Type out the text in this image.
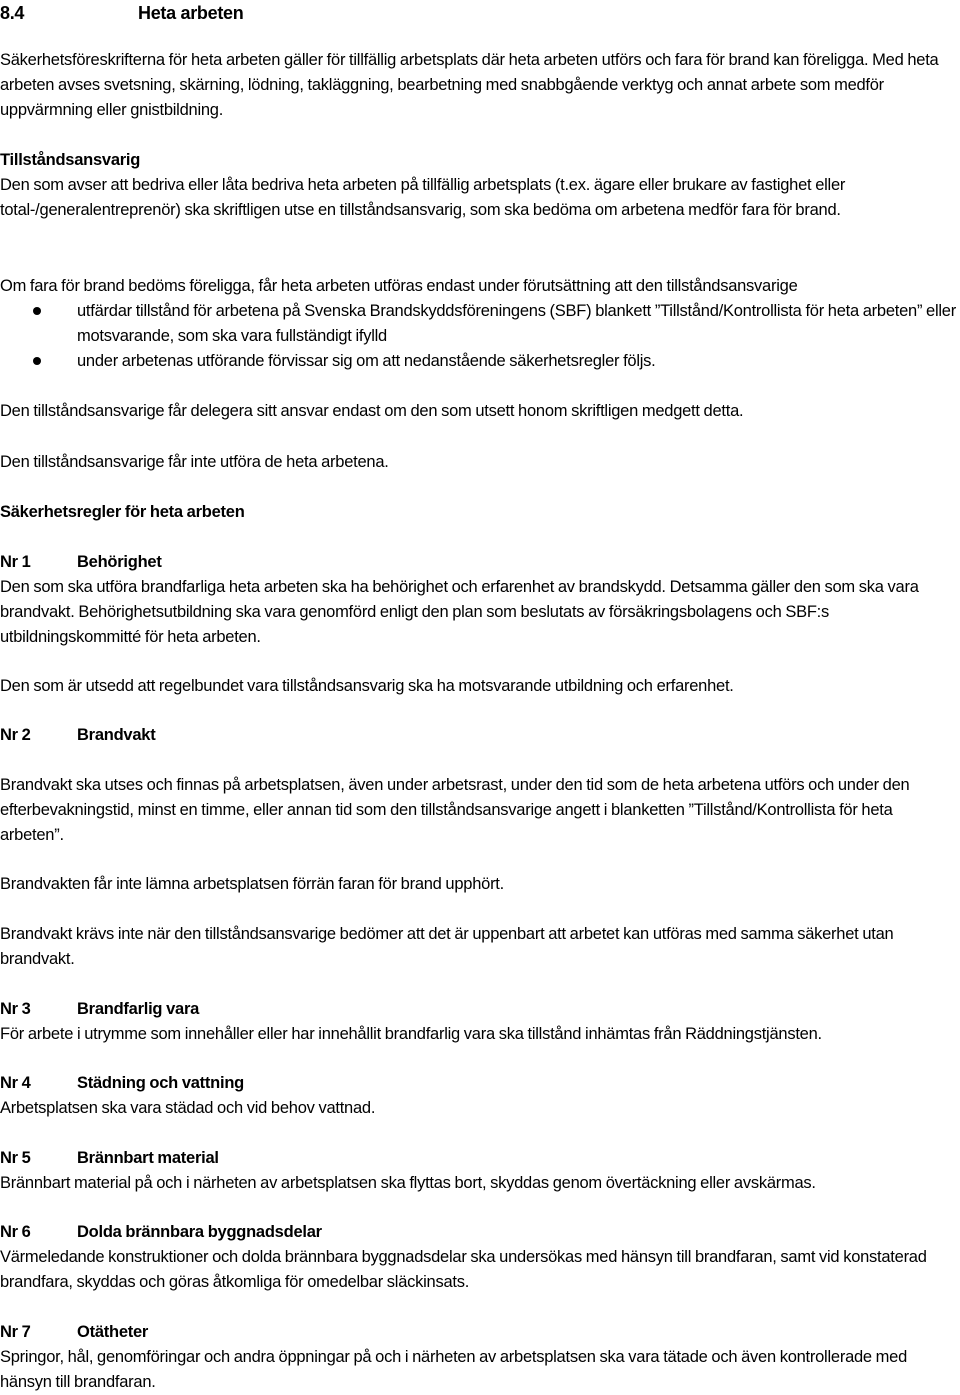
8.4	Heta arbeten

Säkerhetsföreskrifterna för heta arbeten gäller för tillfällig arbetsplats där heta arbeten utförs och fara för brand kan föreligga. Med heta arbeten avses svetsning, skärning, lödning, takläggning, bearbetning med snabbgående verktyg och annat arbete som medför uppvärmning eller gnistbildning.

Tillståndsansvarig

Den som avser att bedriva eller låta bedriva heta arbeten på tillfällig arbetsplats (t.ex. ägare eller brukare av fastighet eller total-/generalentreprenör) ska skriftligen utse en tillståndsansvarig, som ska bedöma om arbetena medför fara för brand.

Om fara för brand bedöms föreligga, får heta arbeten utföras endast under förutsättning att den tillståndsansvarige
utfärdar tillstånd för arbetena på Svenska Brandskyddsföreningens (SBF) blankett ”Tillstånd/Kontrollista för heta arbeten” eller motsvarande, som ska vara fullständigt ifylld
under arbetenas utförande förvissar sig om att nedanstående säkerhetsregler följs.

Den tillståndsansvarige får delegera sitt ansvar endast om den som utsett honom skriftligen medgett detta.

Den tillståndsansvarige får inte utföra de heta arbetena.

Säkerhetsregler för heta arbeten

Nr 1	Behörighet

Den som ska utföra brandfarliga heta arbeten ska ha behörighet och erfarenhet av brandskydd. Detsamma gäller den som ska vara brandvakt. Behörighetsutbildning ska vara genomförd enligt den plan som beslutats av försäkringsbolagens och SBF:s utbildningskommitté för heta arbeten.

Den som är utsedd att regelbundet vara tillståndsansvarig ska ha motsvarande utbildning och erfarenhet.

Nr 2	Brandvakt

Brandvakt ska utses och finnas på arbetsplatsen, även under arbetsrast, under den tid som de heta arbetena utförs och under den efterbevakningstid, minst en timme, eller annan tid som den tillståndsansvarige angett i blanketten ”Tillstånd/Kontrollista för heta arbeten”.

Brandvakten får inte lämna arbetsplatsen förrän faran för brand upphört.

Brandvakt krävs inte när den tillståndsansvarige bedömer att det är uppenbart att arbetet kan utföras med samma säkerhet utan brandvakt.

Nr 3	Brandfarlig vara

För arbete i utrymme som innehåller eller har innehållit brandfarlig vara ska tillstånd inhämtas från Räddningstjänsten.

Nr 4	Städning och vattning

Arbetsplatsen ska vara städad och vid behov vattnad.

Nr 5	Brännbart material

Brännbart material på och i närheten av arbetsplatsen ska flyttas bort, skyddas genom övertäckning eller avskärmas.

Nr 6	Dolda brännbara byggnadsdelar

Värmeledande konstruktioner och dolda brännbara byggnadsdelar ska undersökas med hänsyn till brandfaran, samt vid konstaterad brandfara, skyddas och göras åtkomliga för omedelbar släckinsats.

Nr 7	Otätheter

Springor, hål, genomföringar och andra öppningar på och i närheten av arbetsplatsen ska vara tätade och även kontrollerade med hänsyn till brandfaran.
